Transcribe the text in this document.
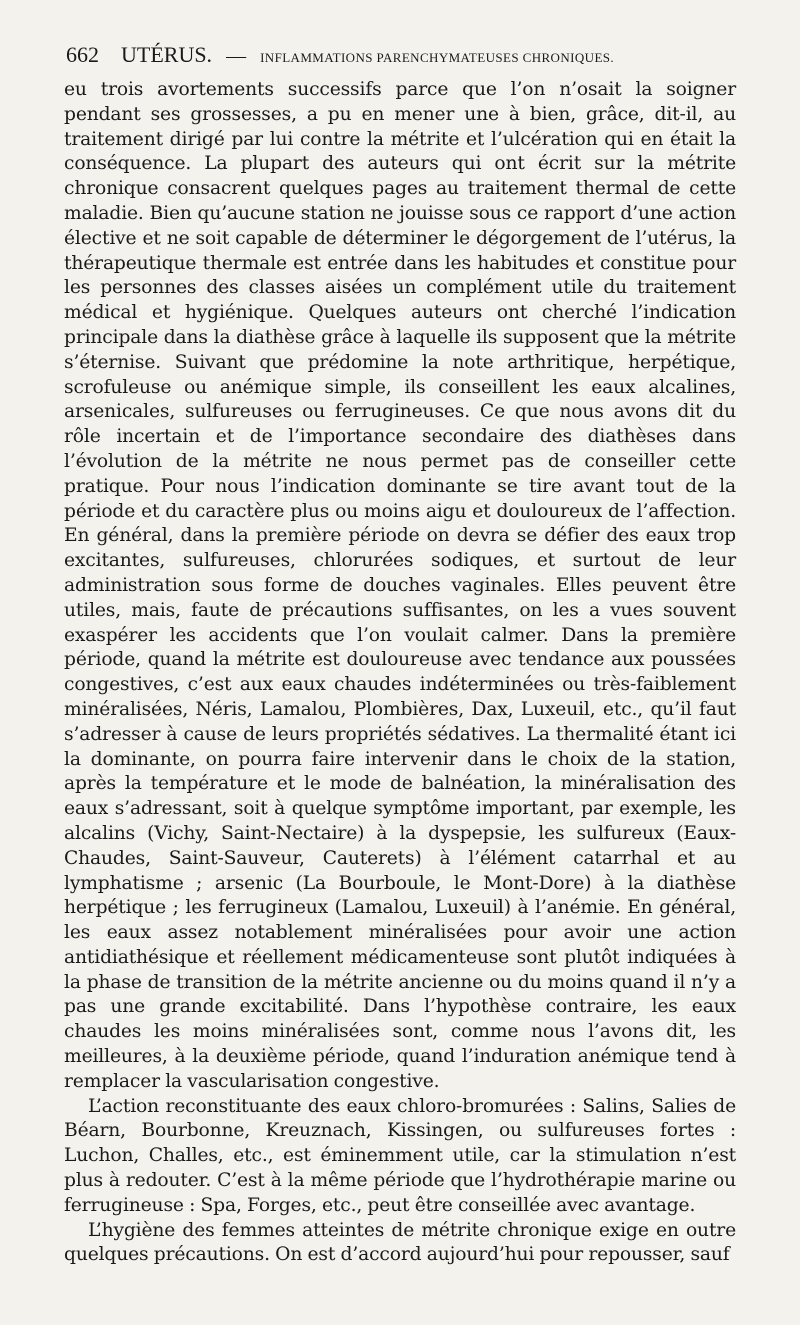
662 UTÉRUS. — INFLAMMATIONS PARENCHYMATEUSES CHRONIQUES.

eu trois avortements successifs parce que l’on n’osait la soigner pendant ses grossesses, a pu en mener une à bien, grâce, dit-il, au traitement dirigé par lui contre la métrite et l’ulcération qui en était la conséquence. La plupart des auteurs qui ont écrit sur la métrite chronique consacrent quelques pages au traitement thermal de cette maladie. Bien qu’aucune station ne jouisse sous ce rapport d’une action élective et ne soit capable de déterminer le dégorgement de l’utérus, la thérapeutique thermale est entrée dans les habitudes et constitue pour les personnes des classes aisées un complément utile du traitement médical et hygiénique. Quelques auteurs ont cherché l’indication principale dans la diathèse grâce à laquelle ils supposent que la métrite s’éternise. Suivant que prédomine la note arthritique, herpétique, scrofuleuse ou anémique simple, ils conseillent les eaux alcalines, arsenicales, sulfureuses ou ferrugineuses. Ce que nous avons dit du rôle incertain et de l’importance secondaire des diathèses dans l’évolution de la métrite ne nous permet pas de conseiller cette pratique. Pour nous l’indication dominante se tire avant tout de la période et du caractère plus ou moins aigu et douloureux de l’affection. En général, dans la première période on devra se défier des eaux trop excitantes, sulfureuses, chlorurées sodiques, et surtout de leur administration sous forme de douches vaginales. Elles peuvent être utiles, mais, faute de précautions suffisantes, on les a vues souvent exaspérer les accidents que l’on voulait calmer. Dans la première période, quand la métrite est douloureuse avec tendance aux poussées congestives, c’est aux eaux chaudes indéterminées ou très-faiblement minéralisées, Néris, Lamalou, Plombières, Dax, Luxeuil, etc., qu’il faut s’adresser à cause de leurs propriétés sédatives. La thermalité étant ici la dominante, on pourra faire intervenir dans le choix de la station, après la température et le mode de balnéation, la minéralisation des eaux s’adressant, soit à quelque symptôme important, par exemple, les alcalins (Vichy, Saint-Nectaire) à la dyspepsie, les sulfureux (Eaux-Chaudes, Saint-Sauveur, Cauterets) à l’élément catarrhal et au lymphatisme ; arsenic (La Bourboule, le Mont-Dore) à la diathèse herpétique ; les ferrugineux (Lamalou, Luxeuil) à l’anémie. En général, les eaux assez notablement minéralisées pour avoir une action antidiathésique et réellement médicamenteuse sont plutôt indiquées à la phase de transition de la métrite ancienne ou du moins quand il n’y a pas une grande excitabilité. Dans l’hypothèse contraire, les eaux chaudes les moins minéralisées sont, comme nous l’avons dit, les meilleures, à la deuxième période, quand l’induration anémique tend à remplacer la vascularisation congestive.

L’action reconstituante des eaux chloro-bromurées : Salins, Salies de Béarn, Bourbonne, Kreuznach, Kissingen, ou sulfureuses fortes : Luchon, Challes, etc., est éminemment utile, car la stimulation n’est plus à redouter. C’est à la même période que l’hydrothérapie marine ou ferrugineuse : Spa, Forges, etc., peut être conseillée avec avantage.

L’hygiène des femmes atteintes de métrite chronique exige en outre quelques précautions. On est d’accord aujourd’hui pour repousser, sauf
